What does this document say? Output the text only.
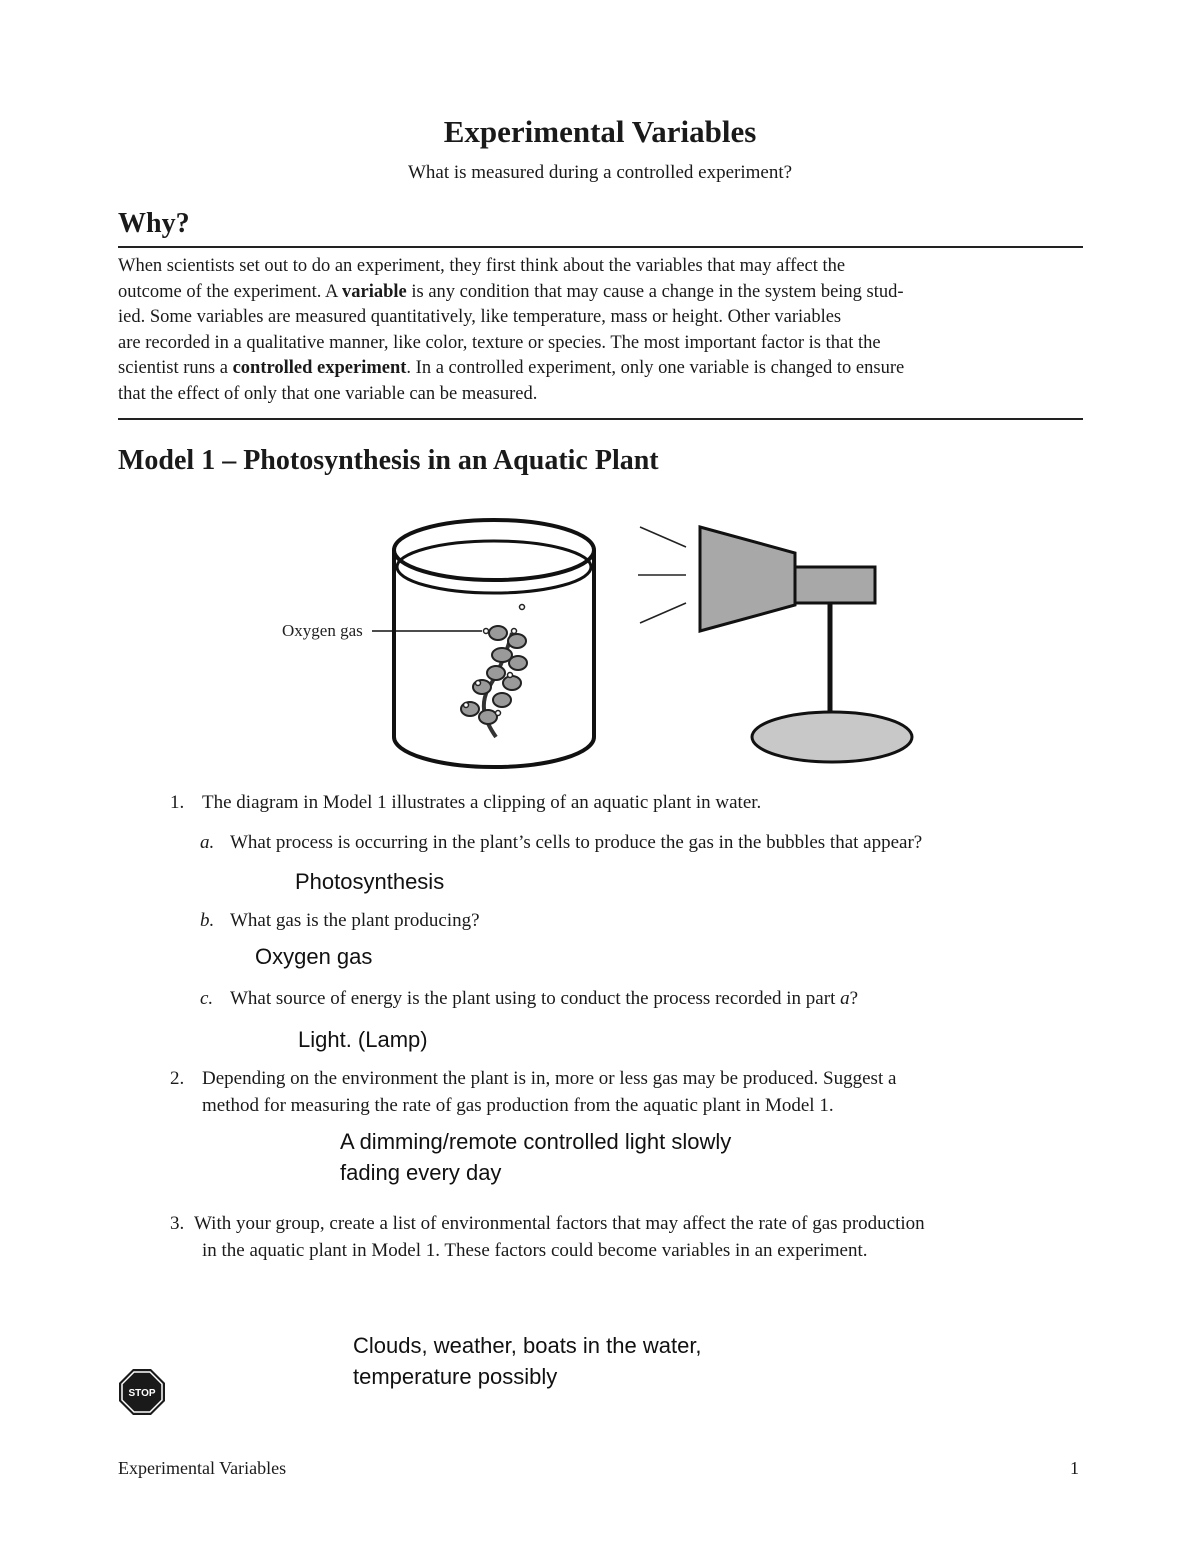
Experimental Variables
What is measured during a controlled experiment?
Why?

When scientists set out to do an experiment, they first think about the variables that may affect the

outcome of the experiment. A variable is any condition that may cause a change in the system being stud-

ied. Some variables are measured quantitatively, like temperature, mass or height. Other variables

are recorded in a qualitative manner, like color, texture or species. The most important factor is that the

scientist runs a controlled experiment. In a controlled experiment, only one variable is changed to ensure

that the effect of only that one variable can be measured.

Model 1 – Photosynthesis in an Aquatic Plant
Oxygen gas
1. The diagram in Model 1 illustrates a clipping of an aquatic plant in water.
a. What process is occurring in the plant’s cells to produce the gas in the bubbles that appear?
Photosynthesis
b. What gas is the plant producing?
Oxygen gas
c. What source of energy is the plant using to conduct the process recorded in part a?
Light. (Lamp)
2. Depending on the environment the plant is in, more or less gas may be produced. Suggest a
method for measuring the rate of gas production from the aquatic plant in Model 1.
A dimming/remote controlled light slowly
fading every day
3. With your group, create a list of environmental factors that may affect the rate of gas production
in the aquatic plant in Model 1. These factors could become variables in an experiment.
Clouds, weather, boats in the water,
temperature possibly
STOP
Experimental Variables	1
